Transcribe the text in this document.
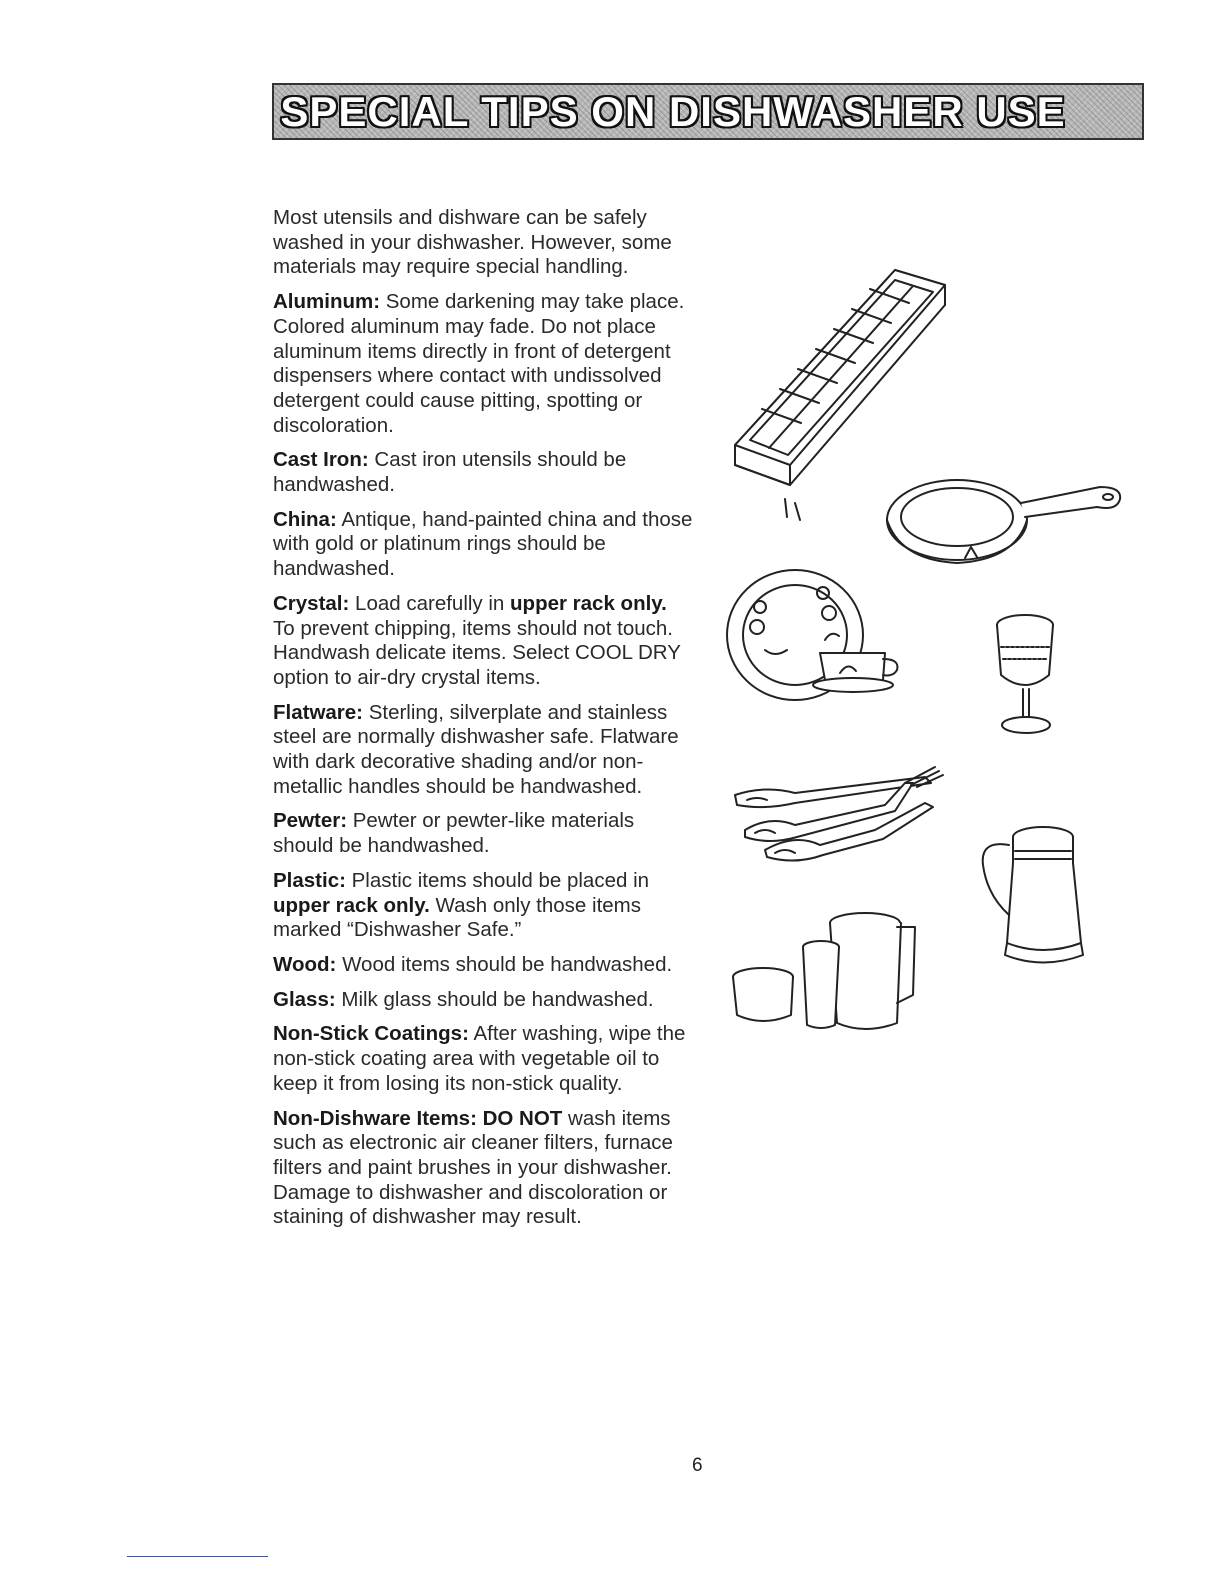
SPECIAL TIPS ON DISHWASHER USE

Most utensils and dishware can be safely washed in your dishwasher. However, some materials may require special handling.

Aluminum: Some darkening may take place. Colored aluminum may fade. Do not place aluminum items directly in front of detergent dispensers where contact with undissolved detergent could cause pitting, spotting or discoloration.

Cast Iron: Cast iron utensils should be handwashed.

China: Antique, hand-painted china and those with gold or platinum rings should be handwashed.

Crystal: Load carefully in upper rack only. To prevent chipping, items should not touch. Handwash delicate items. Select COOL DRY option to air-dry crystal items.

Flatware: Sterling, silverplate and stainless steel are normally dishwasher safe. Flatware with dark decorative shading and/or non-metallic handles should be handwashed.

Pewter: Pewter or pewter-like materials should be handwashed.

Plastic: Plastic items should be placed in upper rack only. Wash only those items marked “Dishwasher Safe.”

Wood: Wood items should be handwashed.

Glass: Milk glass should be handwashed.

Non-Stick Coatings: After washing, wipe the non-stick coating area with vegetable oil to keep it from losing its non-stick quality.

Non-Dishware Items: DO NOT wash items such as electronic air cleaner filters, furnace filters and paint brushes in your dishwasher. Damage to dishwasher and discoloration or staining of dishwasher may result.

6
